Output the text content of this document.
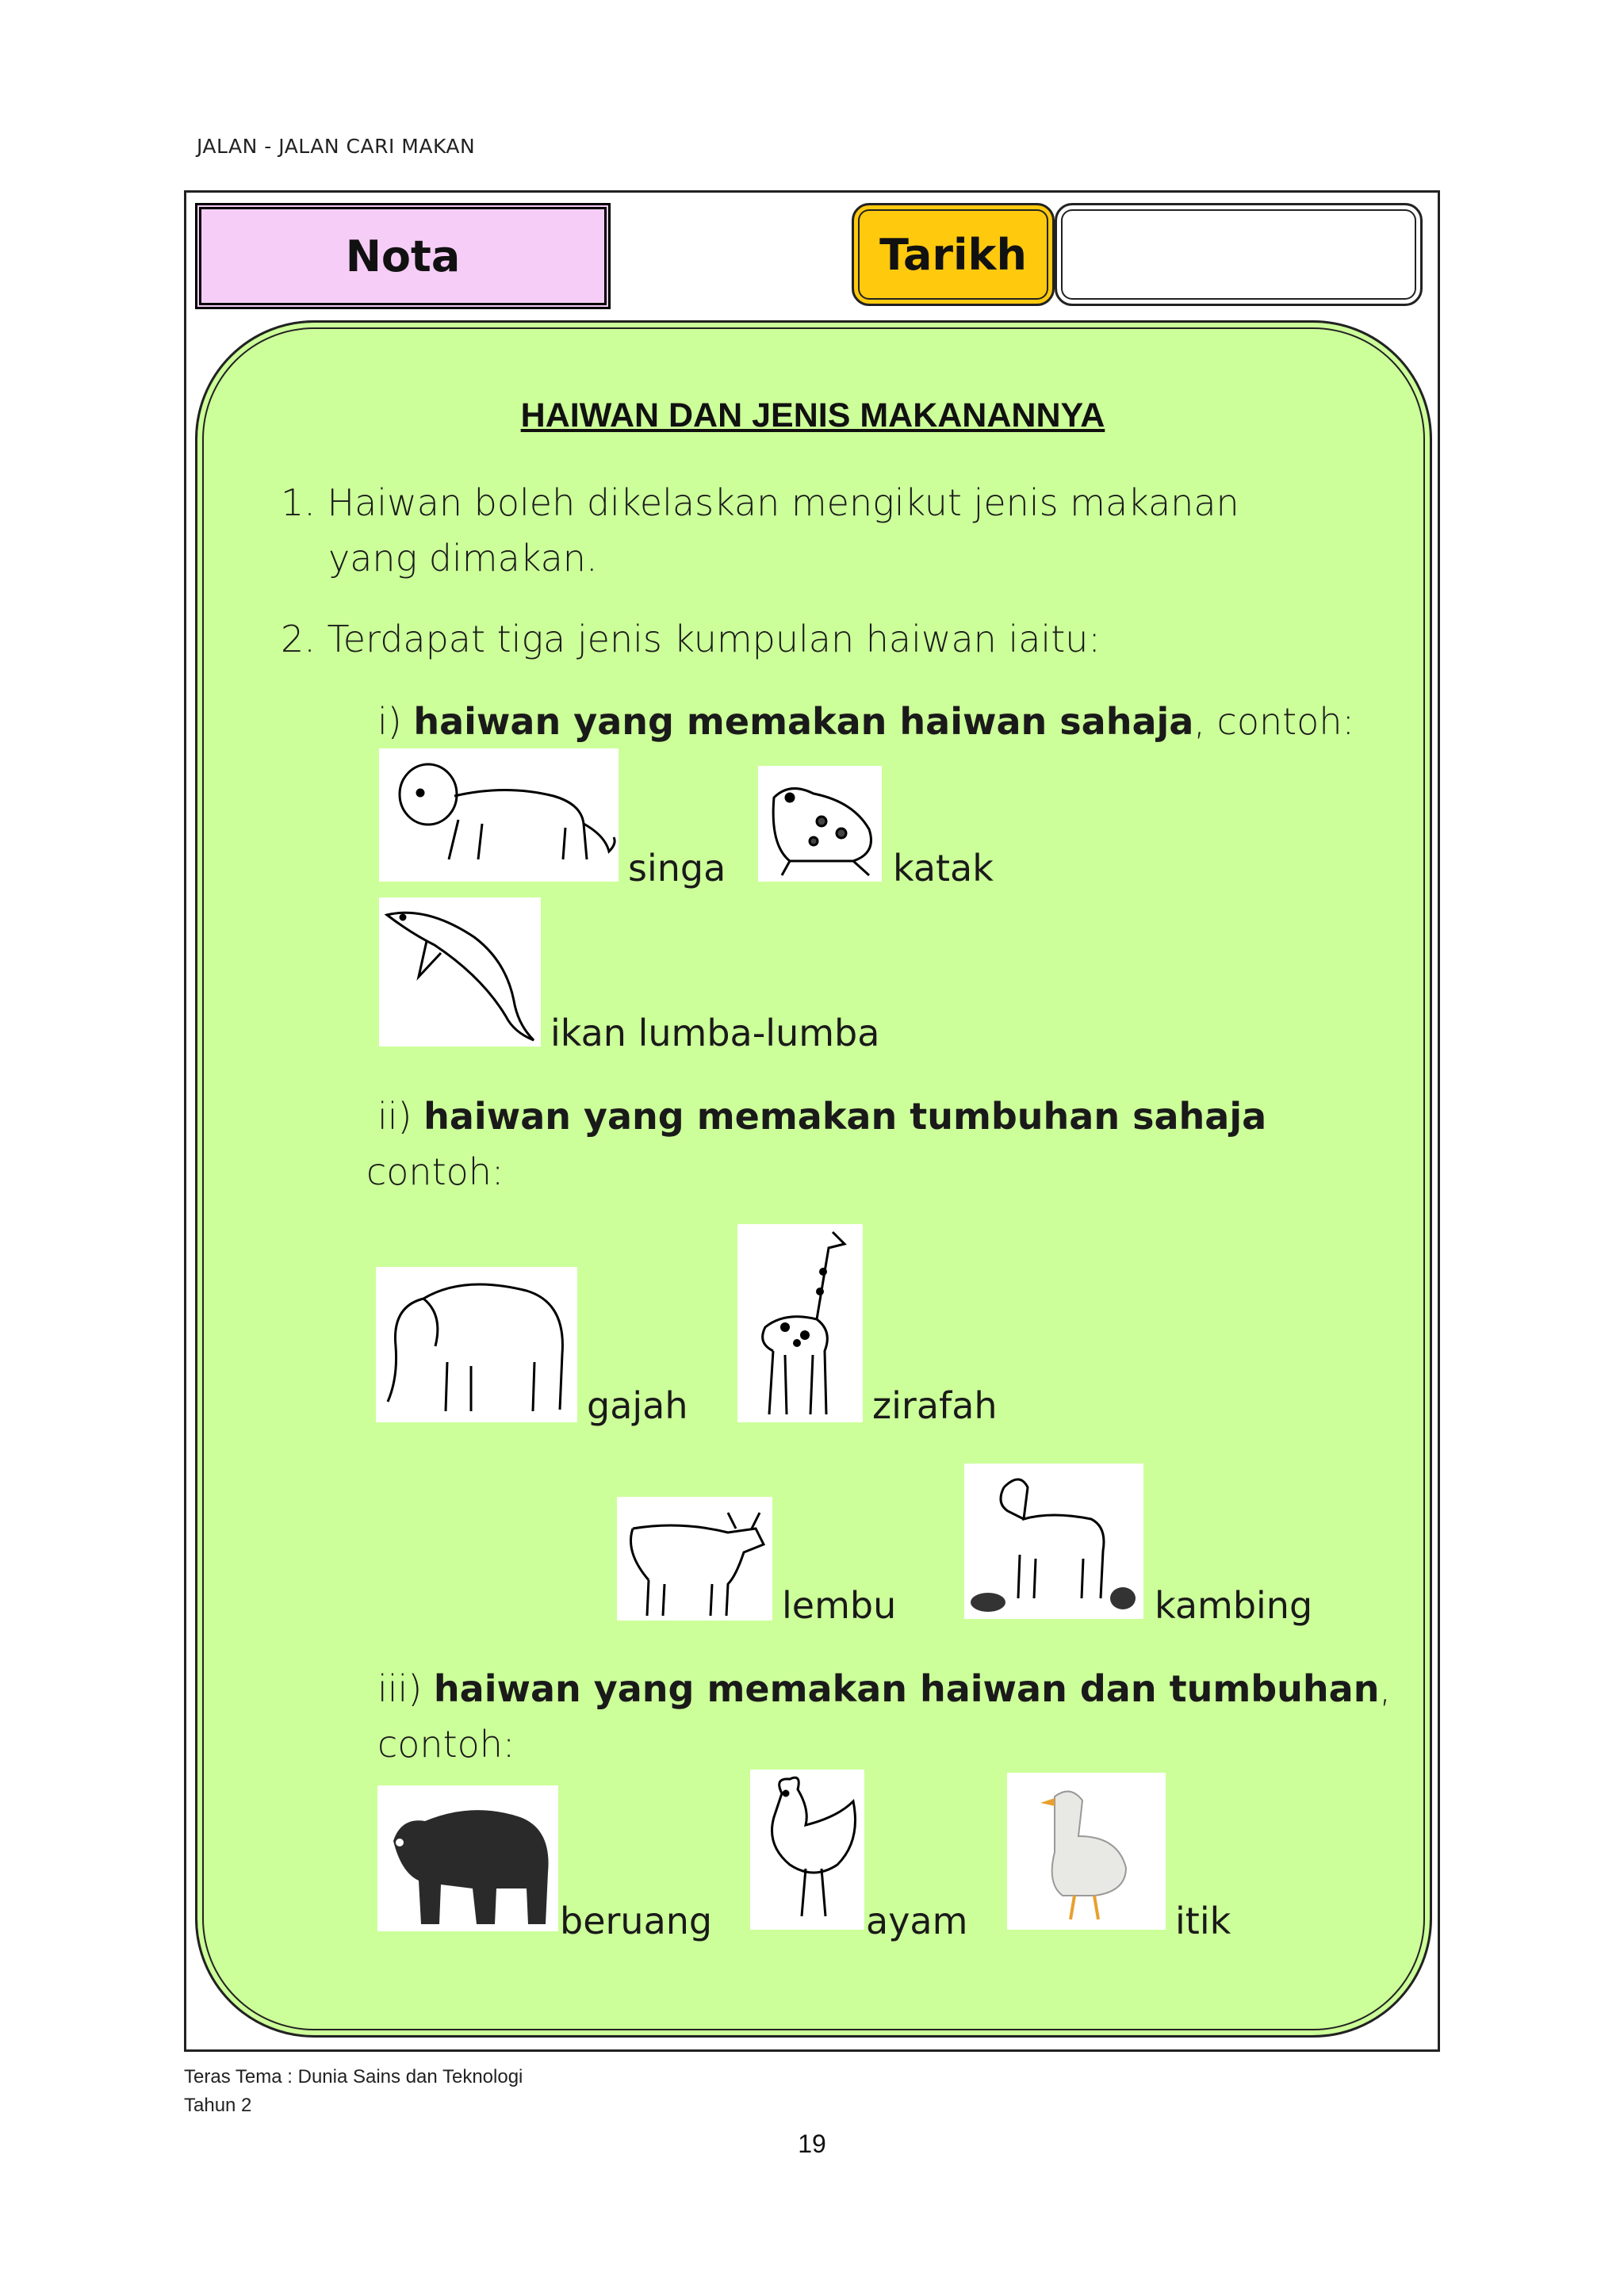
JALAN - JALAN CARI MAKAN
Nota	Tarikh
HAIWAN DAN JENIS MAKANANNYA
1. Haiwan boleh dikelaskan mengikut jenis makanan
yang dimakan.
2. Terdapat tiga jenis kumpulan haiwan iaitu:
i) haiwan yang memakan haiwan sahaja, contoh:
singa	katak
ikan lumba-lumba
ii) haiwan yang memakan tumbuhan sahaja
contoh:
gajah	zirafah
lembu	kambing
iii) haiwan yang memakan haiwan dan tumbuhan,
contoh:
beruang	ayam	itik
Teras Tema : Dunia Sains dan Teknologi
Tahun 2
19
